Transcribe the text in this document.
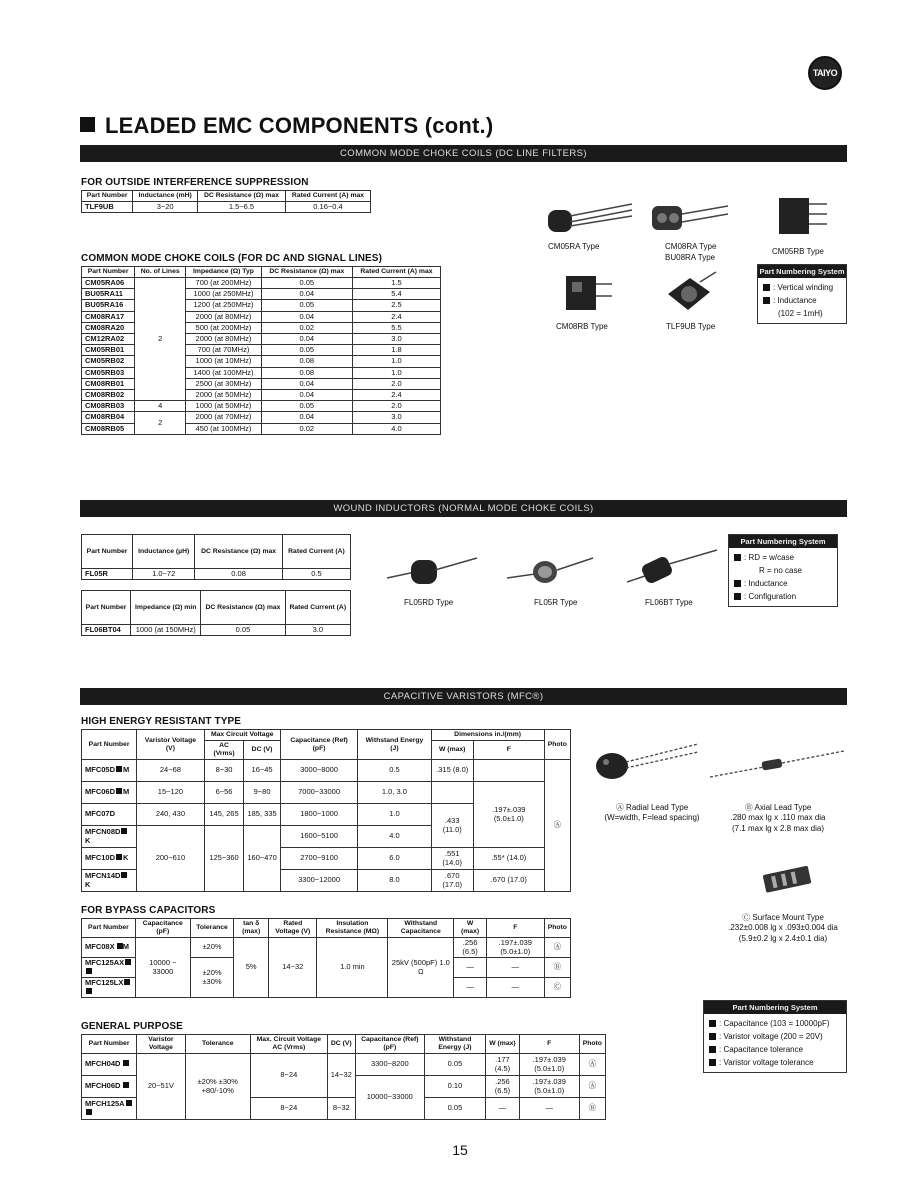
TAIYO
LEADED EMC COMPONENTS (cont.)
COMMON MODE CHOKE COILS (DC LINE FILTERS)
FOR OUTSIDE INTERFERENCE SUPPRESSION
Part Number	Inductance (mH)	DC Resistance (Ω) max	Rated Current (A) max
TLF9UB	3~20	1.5~6.5	0.16~0.4
COMMON MODE CHOKE COILS (FOR DC AND SIGNAL LINES)
Part Number	No. of Lines	Impedance (Ω) Typ	DC Resistance (Ω) max	Rated Current (A) max
CM05RA06	2	700 (at 200MHz)	0.05	1.5
BU05RA11		1000 (at 250MHz)	0.04	5.4
BU05RA16		1200 (at 250MHz)	0.05	2.5
CM08RA17		2000 (at 80MHz)	0.04	2.4
CM08RA20		500 (at 200MHz)	0.02	5.5
CM12RA02		2000 (at 80MHz)	0.04	3.0
CM05RB01		700 (at 70MHz)	0.05	1.8
CM05RB02		1000 (at 10MHz)	0.08	1.0
CM05RB03		1400 (at 100MHz)	0.08	1.0
CM08RB01		2500 (at 30MHz)	0.04	2.0
CM08RB02		2000 (at 50MHz)	0.04	2.4
CM08RB03	4	1000 (at 50MHz)	0.05	2.0
CM08RB04	2	2000 (at 70MHz)	0.04	3.0
CM08RB05		450 (at 100MHz)	0.02	4.0
CM05RA Type	CM08RA Type
BU08RA Type
CM05RB Type
CM08RB Type	TLF9UB Type
Part Numbering System
: Vertical winding
: Inductance
(102 = 1mH)
WOUND INDUCTORS (NORMAL MODE CHOKE COILS)
Part Number	Inductance (µH)	DC Resistance (Ω) max	Rated Current (A)
FL05R	1.0~72	0.08	0.5
Part Number	Impedance (Ω) min	DC Resistance (Ω) max	Rated Current (A)
FL06BT04	1000 (at 150MHz)	0.05	3.0
FL05RD Type	FL05R Type	FL06BT Type
Part Numbering System
: RD = w/case
R = no case
: Inductance
: Configuration
CAPACITIVE VARISTORS (MFC®)
HIGH ENERGY RESISTANT TYPE
Part Number	Varistor Voltage (V)	Max Circuit Voltage		Capacitance (Ref) (pF)	Withstand Energy (J)	Dimensions in./(mm)		Photo
		AC (Vrms)	DC (V)			W (max)	F	
MFC05D M	24~68	8~30	16~45	3000~8000	0.5	.315 (8.0)		Ⓐ
MFC06D M	15~120	6~56	9~80	7000~33000	1.0, 3.0		.197±.039 (5.0±1.0)	
MFC07D	240, 430	145, 265	185, 335	1800~1000	1.0	.433 (11.0)		
MFCN08DK	200~610	125~360	160~470	1600~5100	4.0			
MFC10D K				2700~9100	6.0	.551 (14.0)	.55* (14.0)	
MFCN14DK				3300~12000	8.0	.670 (17.0)	.670 (17.0)	
FOR BYPASS CAPACITORS
Part Number	Capacitance (pF)	Tolerance	tan δ (max)	Rated Voltage (V)	Insulation Resistance (MΩ)	Withstand Capacitance	W (max)	F	Photo
MFC08X M	10000 ~ 33000	±20%	5%	14~32	1.0 min	25kV (500pF) 1.0 Ω	.256 (6.5)	.197±.039 (5.0±1.0)	Ⓐ
MFC125AX		±20% ±30%					—	—	Ⓑ
MFC125LX							—	—	Ⓒ
GENERAL PURPOSE
Part Number	Varistor Voltage	Tolerance	Max. Circuit Voltage AC (Vrms)	DC (V)	Capacitance (Ref) (pF)	Withstand Energy (J)	W (max)	F	Photo
MFCH04D	20~51V	±20% ±30% +80/-10%	8~24	14~32	3300~8200	0.05	.177 (4.5)	.197±.039 (5.0±1.0)	Ⓐ
MFCH06D					10000~33000	0.10	.256 (6.5)	.197±.039 (5.0±1.0)	Ⓐ
MFCH125A			8~24	8~32		0.05	—	—	Ⓑ
Ⓐ Radial Lead Type
(W=width, F=lead spacing)
Ⓑ Axial Lead Type
.280 max lg x .110 max dia
(7.1 max lg x 2.8 max dia)
Ⓒ Surface Mount Type
.232±0.008 lg x .093±0.004 dia
(5.9±0.2 lg x 2.4±0.1 dia)
Part Numbering System
: Capacitance (103 = 10000pF)
: Varistor voltage (200 = 20V)
: Capacitance tolerance
: Varistor voltage tolerance
15
